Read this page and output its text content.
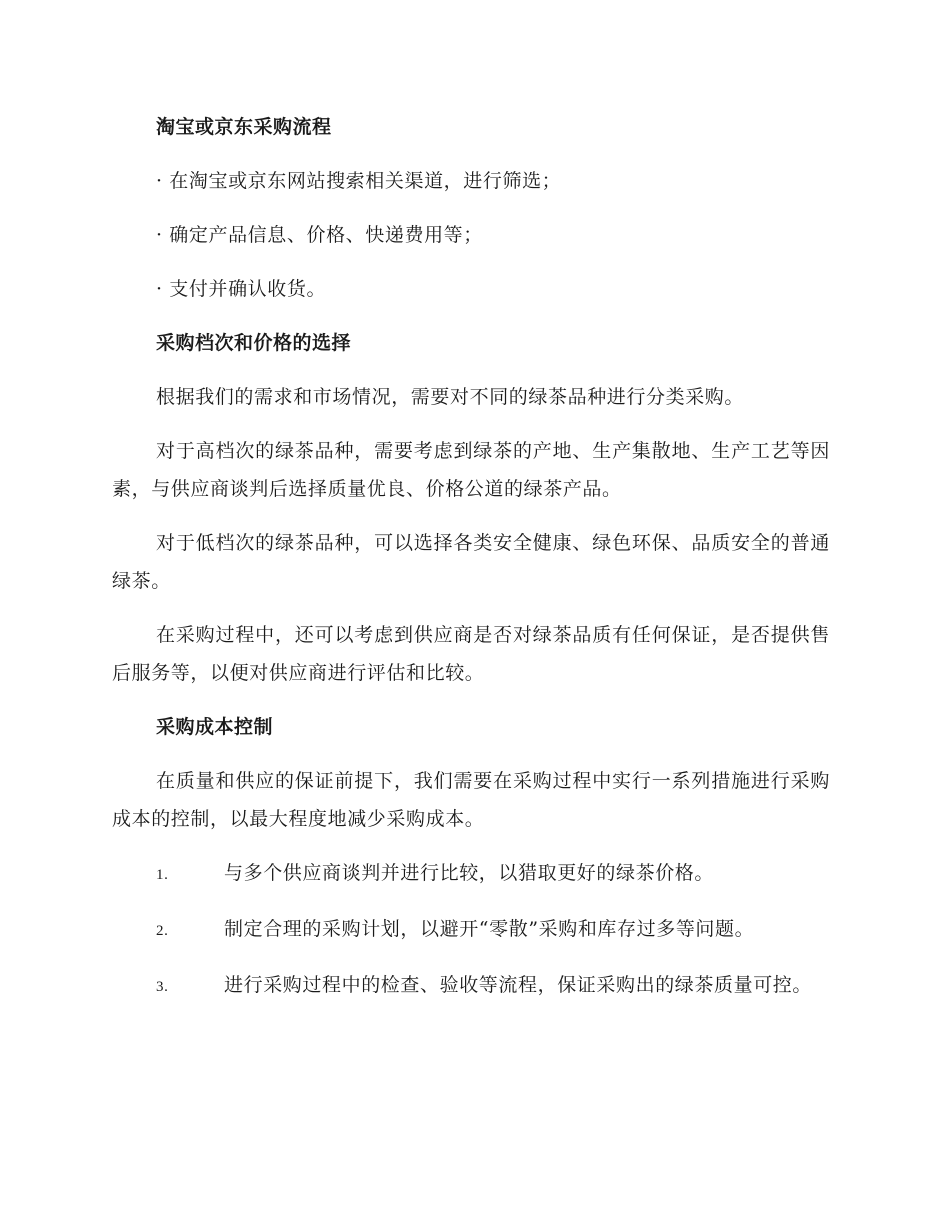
淘宝或京东采购流程
· 在淘宝或京东网站搜索相关渠道，进行筛选；
· 确定产品信息、价格、快递费用等；
· 支付并确认收货。
采购档次和价格的选择
根据我们的需求和市场情况，需要对不同的绿茶品种进行分类采购。
对于高档次的绿茶品种，需要考虑到绿茶的产地、生产集散地、生产工艺等因素，与供应商谈判后选择质量优良、价格公道的绿茶产品。
对于低档次的绿茶品种，可以选择各类安全健康、绿色环保、品质安全的普通绿茶。
在采购过程中，还可以考虑到供应商是否对绿茶品质有任何保证，是否提供售后服务等，以便对供应商进行评估和比较。
采购成本控制
在质量和供应的保证前提下，我们需要在采购过程中实行一系列措施进行采购成本的控制，以最大程度地减少采购成本。
1.	与多个供应商谈判并进行比较，以猎取更好的绿茶价格。
2.	制定合理的采购计划，以避开“零散”采购和库存过多等问题。
3.	进行采购过程中的检查、验收等流程，保证采购出的绿茶质量可控。
